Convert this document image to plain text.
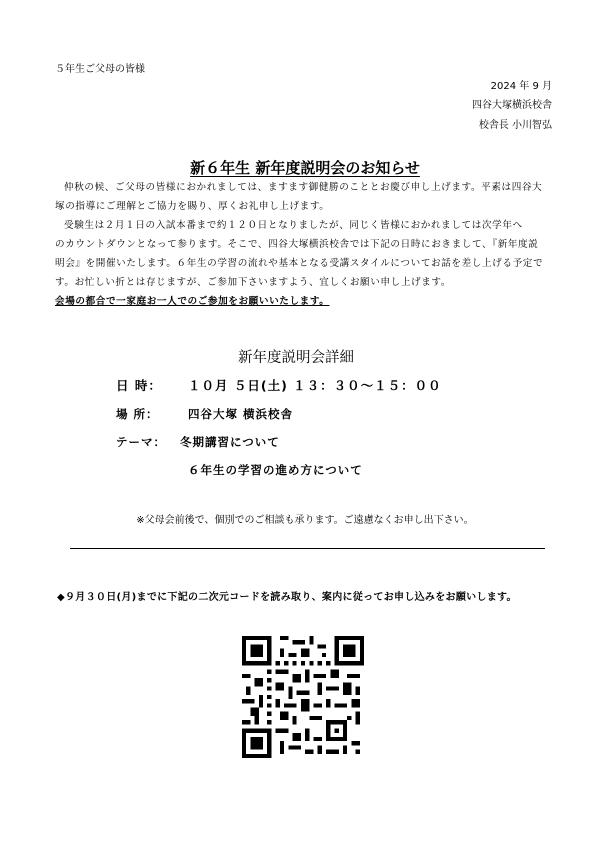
５年生ご父母の皆様
2024 年 9 月
四谷大塚横浜校舎
校舎長 小川智弘
新６年生 新年度説明会のお知らせ
仲秋の候、ご父母の皆様におかれましては、ますます御健勝のこととお慶び申し上げます。平素は四谷大
塚の指導にご理解とご協力を賜り、厚くお礼申し上げます。
受験生は２月１日の入試本番まで約１２０日となりましたが、同じく皆様におかれましては次学年へ
のカウントダウンとなって参ります。そこで、四谷大塚横浜校舎では下記の日時におきまして、『新年度説
明会』を開催いたします。６年生の学習の流れや基本となる受講スタイルについてお話を差し上げる予定で
す。お忙しい折とは存じますが、ご参加下さいますよう、宜しくお願い申し上げます。
会場の都合で一家庭お一人でのご参加をお願いいたします。
新年度説明会詳細
日 時： １０月 ５日(土) １３：３０～１５：００
場 所：	四谷大塚 横浜校舎
テーマ： 冬期講習について
６年生の学習の進め方について
※父母会前後で、個別でのご相談も承ります。ご遠慮なくお申し出下さい。
◆９月３０日(月)までに下記の二次元コードを読み取り、案内に従ってお申し込みをお願いします。
